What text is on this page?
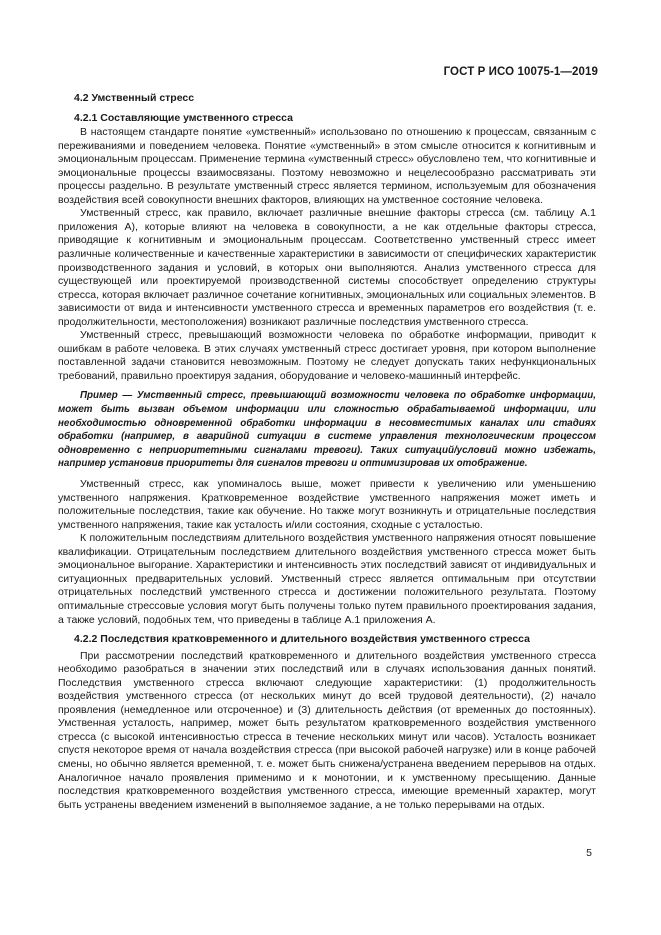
ГОСТ Р ИСО 10075-1—2019

4.2 Умственный стресс

4.2.1 Составляющие умственного стресса

В настоящем стандарте понятие «умственный» использовано по отношению к процессам, связанным с переживаниями и поведением человека. Понятие «умственный» в этом смысле относится к когнитивным и эмоциональным процессам. Применение термина «умственный стресс» обусловлено тем, что когнитивные и эмоциональные процессы взаимосвязаны. Поэтому невозможно и нецелесообразно рассматривать эти процессы раздельно. В результате умственный стресс является термином, используемым для обозначения воздействия всей совокупности внешних факторов, влияющих на умственное состояние человека.

Умственный стресс, как правило, включает различные внешние факторы стресса (см. таблицу А.1 приложения А), которые влияют на человека в совокупности, а не как отдельные факторы стресса, приводящие к когнитивным и эмоциональным процессам. Соответственно умственный стресс имеет различные количественные и качественные характеристики в зависимости от специфических характеристик производственного задания и условий, в которых они выполняются. Анализ умственного стресса для существующей или проектируемой производственной системы способствует определению структуры стресса, которая включает различное сочетание когнитивных, эмоциональных или социальных элементов. В зависимости от вида и интенсивности умственного стресса и временных параметров его воздействия (т. е. продолжительности, местоположения) возникают различные последствия умственного стресса.

Умственный стресс, превышающий возможности человека по обработке информации, приводит к ошибкам в работе человека. В этих случаях умственный стресс достигает уровня, при котором выполнение поставленной задачи становится невозможным. Поэтому не следует допускать таких нефункциональных требований, правильно проектируя задания, оборудование и человеко-машинный интерфейс.

Пример — Умственный стресс, превышающий возможности человека по обработке информации, может быть вызван объемом информации или сложностью обрабатываемой информации, или необходимостью одновременной обработки информации в несовместимых каналах или стадиях обработки (например, в аварийной ситуации в системе управления технологическим процессом одновременно с неприоритетными сигналами тревоги). Таких ситуаций/условий можно избежать, например установив приоритеты для сигналов тревоги и оптимизировав их отображение.

Умственный стресс, как упоминалось выше, может привести к увеличению или уменьшению умственного напряжения. Кратковременное воздействие умственного напряжения может иметь и положительные последствия, такие как обучение. Но также могут возникнуть и отрицательные последствия умственного напряжения, такие как усталость и/или состояния, сходные с усталостью.

К положительным последствиям длительного воздействия умственного напряжения относят повышение квалификации. Отрицательным последствием длительного воздействия умственного стресса может быть эмоциональное выгорание. Характеристики и интенсивность этих последствий зависят от индивидуальных и ситуационных предварительных условий. Умственный стресс является оптимальным при отсутствии отрицательных последствий умственного стресса и достижении положительного результата. Поэтому оптимальные стрессовые условия могут быть получены только путем правильного проектирования задания, а также условий, подобных тем, что приведены в таблице А.1 приложения А.

4.2.2 Последствия кратковременного и длительного воздействия умственного стресса

При рассмотрении последствий кратковременного и длительного воздействия умственного стресса необходимо разобраться в значении этих последствий или в случаях использования данных понятий. Последствия умственного стресса включают следующие характеристики: (1) продолжительность воздействия умственного стресса (от нескольких минут до всей трудовой деятельности), (2) начало проявления (немедленное или отсроченное) и (3) длительность действия (от временных до постоянных). Умственная усталость, например, может быть результатом кратковременного воздействия умственного стресса (с высокой интенсивностью стресса в течение нескольких минут или часов). Усталость возникает спустя некоторое время от начала воздействия стресса (при высокой рабочей нагрузке) или в конце рабочей смены, но обычно является временной, т. е. может быть снижена/устранена введением перерывов на отдых. Аналогичное начало проявления применимо и к монотонии, и к умственному пресыщению. Данные последствия кратковременного воздействия умственного стресса, имеющие временный характер, могут быть устранены введением изменений в выполняемое задание, а не только перерывами на отдых.

5
